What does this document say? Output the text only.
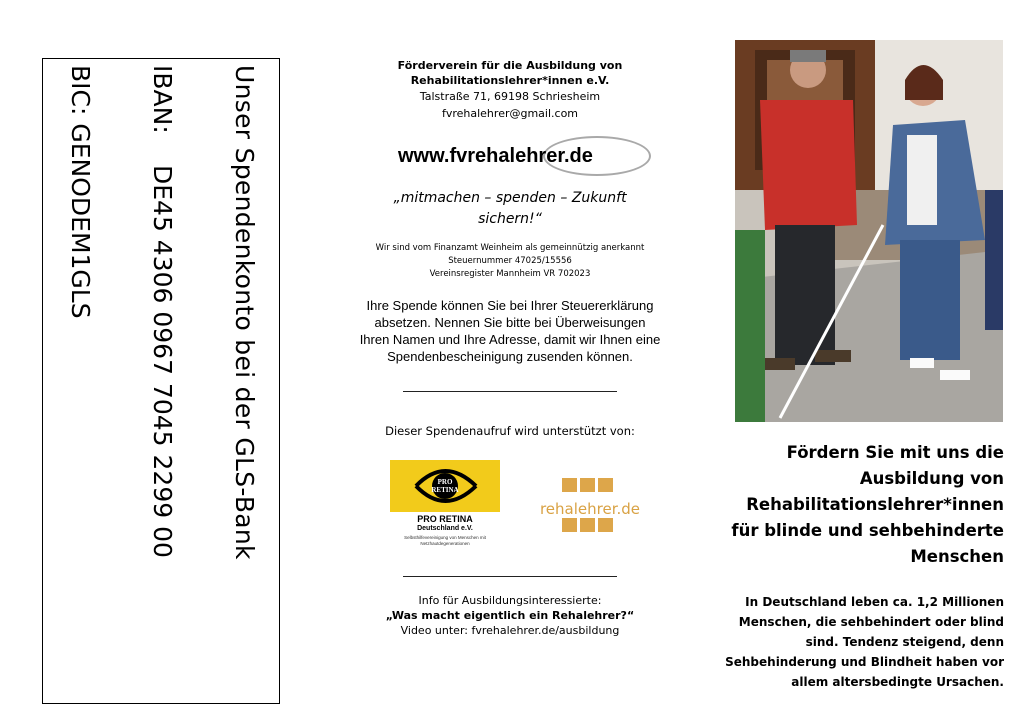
Unser Spendenkonto bei der GLS-Bank
IBAN:DE45 4306 0967 7045 2299 00
BIC: GENODEM1GLS	Förderverein für die Ausbildung von
Rehabilitationslehrer*innen e.V.
Talstraße 71, 69198 Schriesheim
fvrehalehrer@gmail.com
www.fvrehalehrer.de
„mitmachen – spenden – Zukunft sichern!“
Wir sind vom Finanzamt Weinheim als gemeinnützig anerkannt
Steuernummer 47025/15556
Vereinsregister Mannheim VR 702023
Ihre Spende können Sie bei Ihrer Steuererklärung absetzen. Nennen Sie bitte bei Überweisungen Ihren Namen und Ihre Adresse, damit wir Ihnen eine Spendenbescheinigung zusenden können.
Dieser Spendenaufruf wird unterstützt von:
PRO
RETINA
PRO RETINA
Deutschland e.V.
Selbsthilfevereinigung von Menschen mit Netzhautdegenerationen
rehalehrer.de
Info für Ausbildungsinteressierte:
„Was macht eigentlich ein Rehalehrer?“
Video unter: fvrehalehrer.de/ausbildung
Fördern Sie mit uns die Ausbildung von Rehabilitationslehrer*innen für blinde und sehbehinderte Menschen
In Deutschland leben ca. 1,2 Millionen Menschen, die sehbehindert oder blind sind. Tendenz steigend, denn Sehbehinderung und Blindheit haben vor allem altersbedingte Ursachen.
